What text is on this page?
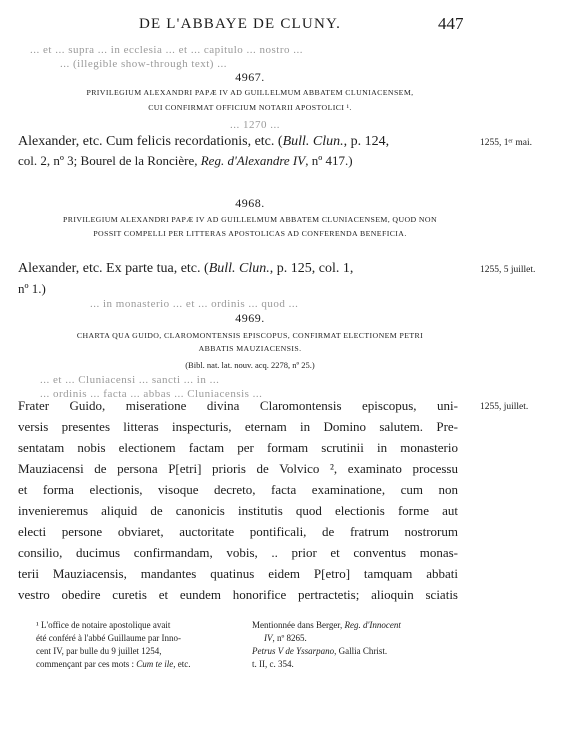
DE L'ABBAYE DE CLUNY.	447
... et ... supra ... in ecclesia ... et ... capitulo ... nostro ...
... (illegible show-through text) ...
4967.
PRIVILEGIUM ALEXANDRI PAPÆ IV AD GUILLELMUM ABBATEM CLUNIACENSEM,
CUI CONFIRMAT OFFICIUM NOTARII APOSTOLICI ¹.
... 1270 ...
Alexander, etc. Cum felicis recordationis, etc. (Bull. Clun., p. 124,	1255, 1ᵉʳ mai.
col. 2, nº 3; Bourel de la Roncière, Reg. d'Alexandre IV, nº 417.)
4968.
PRIVILEGIUM ALEXANDRI PAPÆ IV AD GUILLELMUM ABBATEM CLUNIACENSEM, QUOD NON
POSSIT COMPELLI PER LITTERAS APOSTOLICAS AD CONFERENDA BENEFICIA.
Alexander, etc. Ex parte tua, etc. (Bull. Clun., p. 125, col. 1,	1255, 5 juillet.
nº 1.)
... in monasterio ... et ... ordinis ... quod ...
4969.
CHARTA QUA GUIDO, CLAROMONTENSIS EPISCOPUS, CONFIRMAT ELECTIONEM PETRI
ABBATIS MAUZIACENSIS.
(Bibl. nat. lat. nouv. acq. 2278, nº 25.)
... et ... Cluniacensi ... sancti ... in ...
... ordinis ... facta ... abbas ... Cluniacensis ...
1255, juillet.
Frater Guido, miseratione divina Claromontensis episcopus, uni-
versis presentes litteras inspecturis, eternam in Domino salutem. Pre-
sentatam nobis electionem factam per formam scrutinii in monasterio
Mauziacensi de persona P[etri] prioris de Volvico ², examinato processu
et forma electionis, visoque decreto, facta examinatione, cum non
invenieremus aliquid de canonicis institutis quod electionis forme aut
electi persone obviaret, auctoritate pontificali, de fratrum nostrorum
consilio, ducimus confirmandam, vobis, .. prior et conventus monas-
terii Mauziacensis, mandantes quatinus eidem P[etro] tamquam abbati
vestro obedire curetis et eundem honorifice pertractetis; alioquin sciatis
¹ L'office de notaire apostolique avait
été conféré à l'abbé Guillaume par Inno-
cent IV, par bulle du 9 juillet 1254,
commençant par ces mots : Cum te ile, etc.
Mentionnée dans Berger, Reg. d'Innocent
IV, nº 8265.
Petrus V de Yssarpano, Gallia Christ.
t. II, c. 354.
